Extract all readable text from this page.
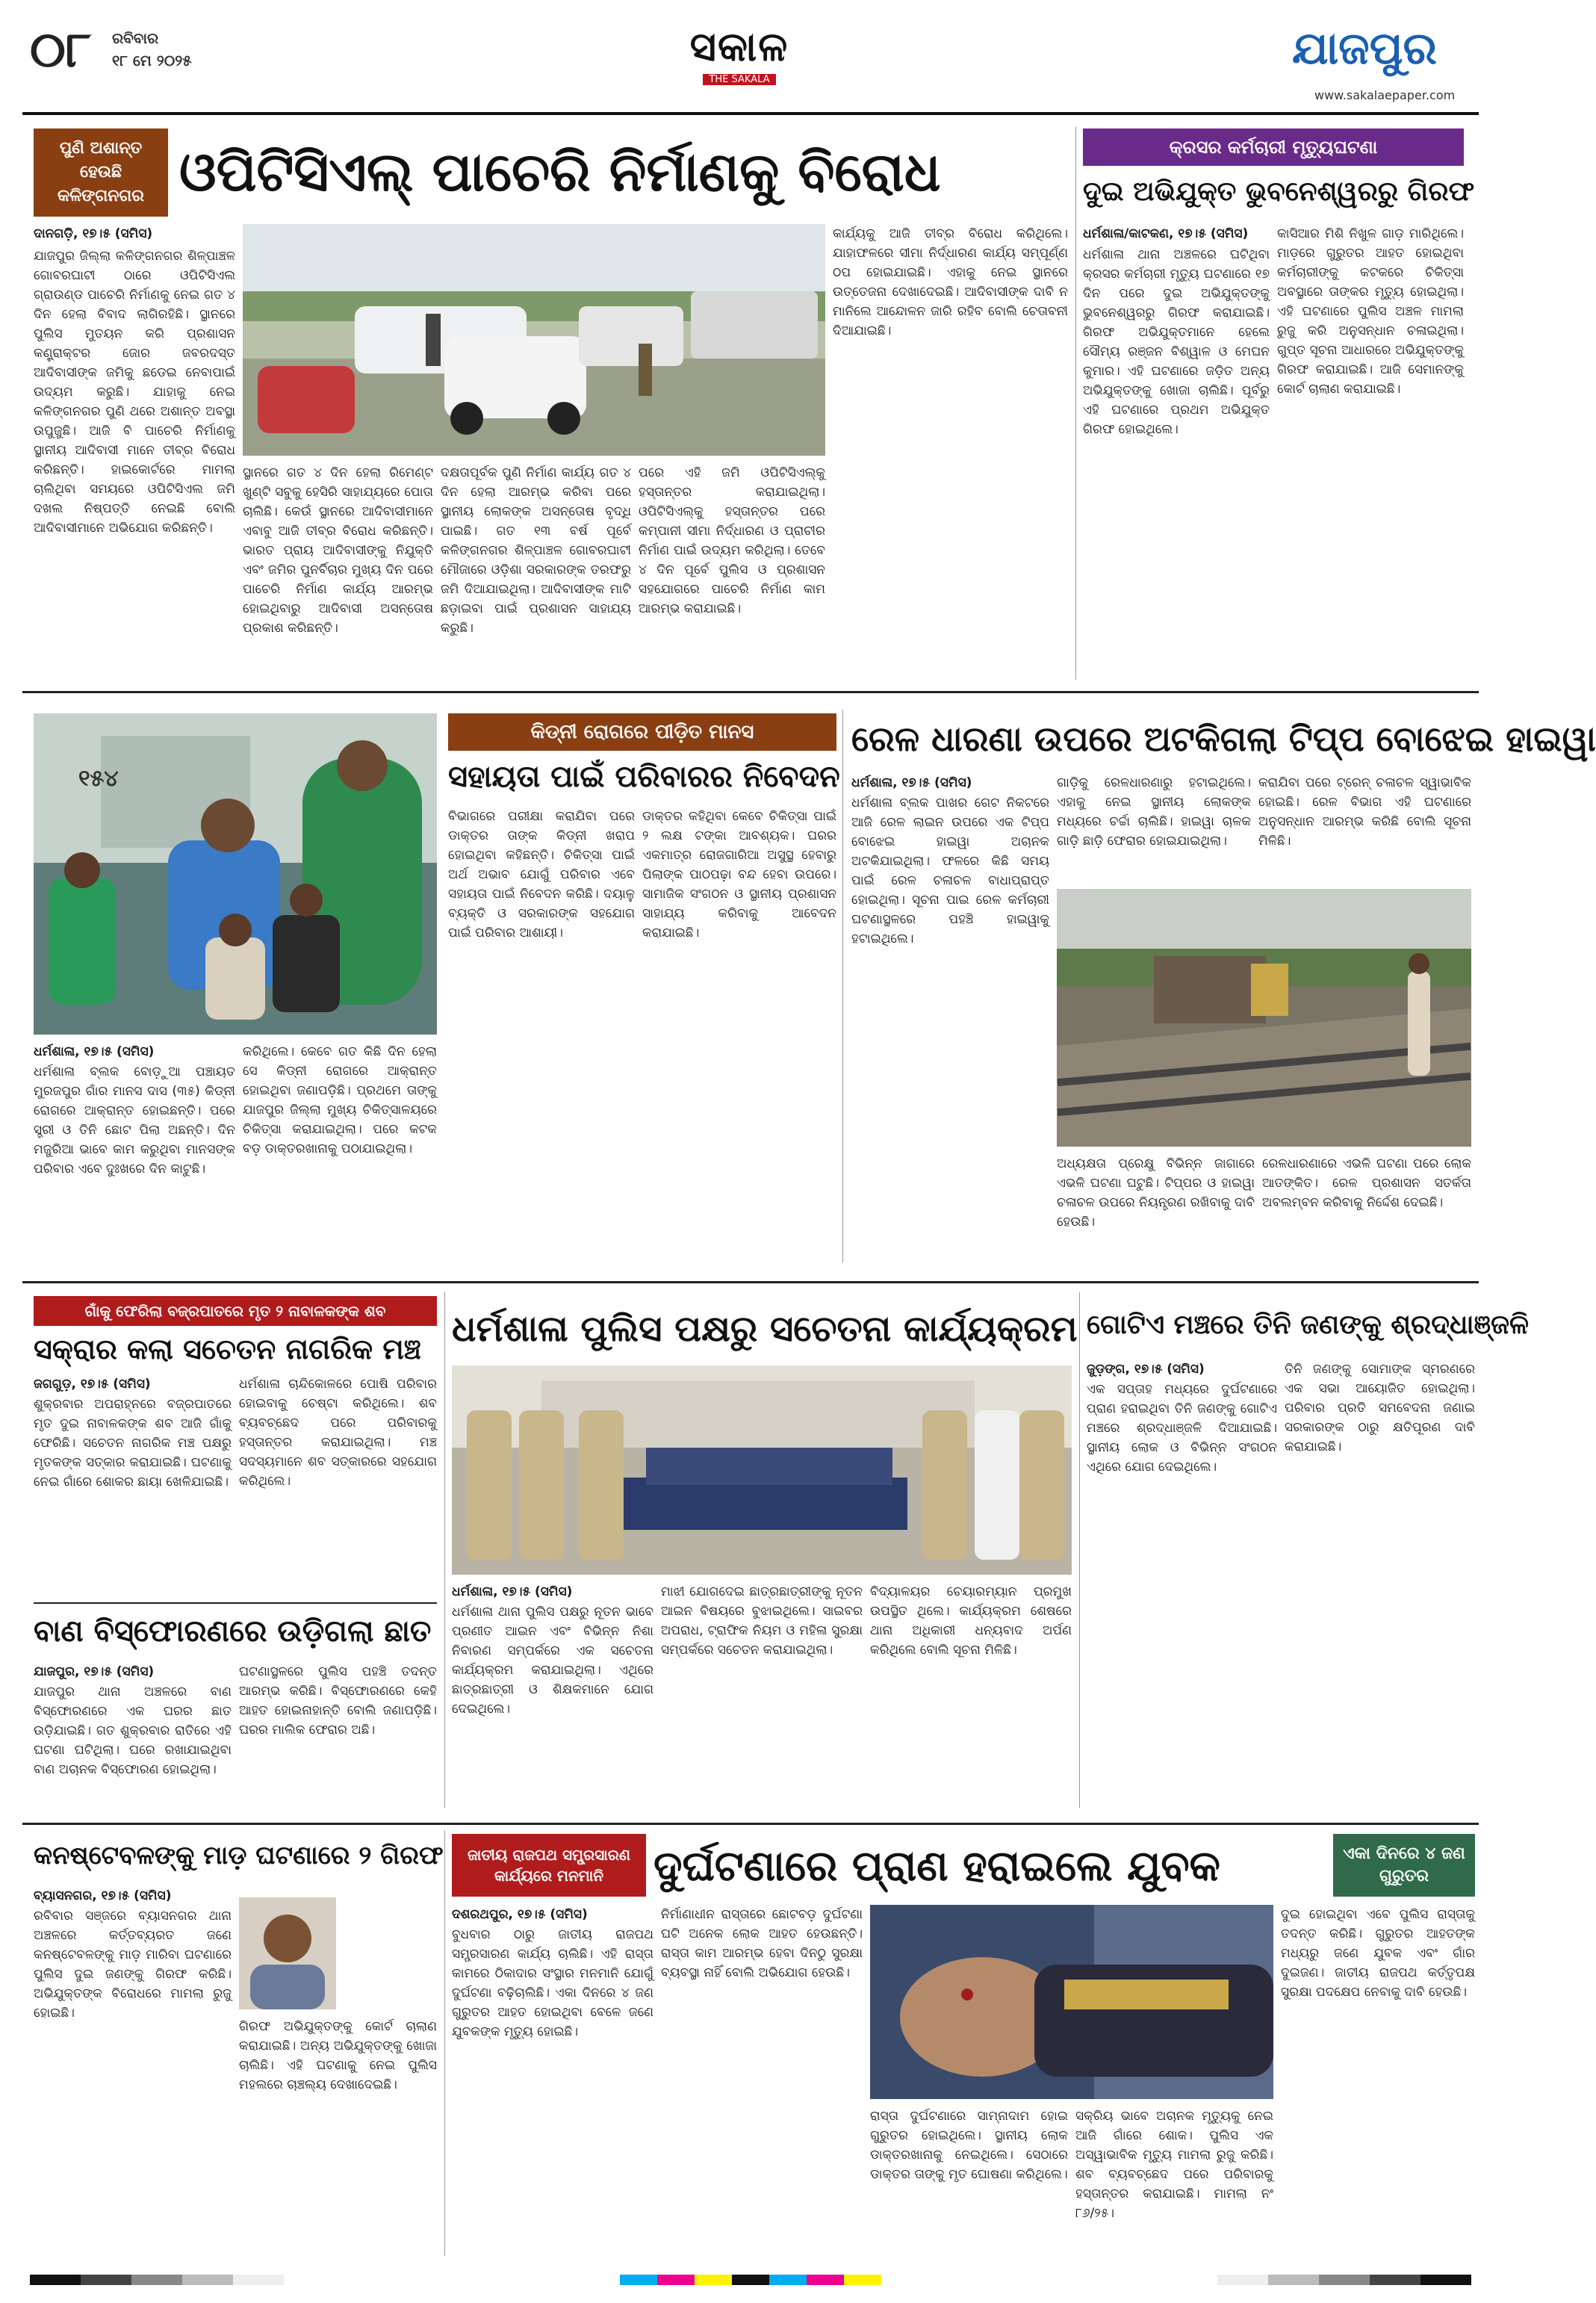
୦୮ ରବିବାର
୧୮ ମେ ୨୦୨୫	ସକାଳ
THE SAKALA
ଯାଜପୁର
www.sakalaepaper.com
ପୁଣି ଅଶାନ୍ତ ହେଉଛି କଳିଙ୍ଗନଗର ଓପିଟିସିଏଲ୍ ପାଚେରି ନିର୍ମାଣକୁ ବିରୋଧ	କ୍ରସର କର୍ମଚାରୀ ମୃତ୍ୟୁଘଟଣା
ଦୁଇ ଅଭିଯୁକ୍ତ ଭୁବନେଶ୍ୱରରୁ ଗିରଫ
ଦାନଗଡ଼ି, ୧୭।୫ (ସମିସ)
ଯାଜପୁର ଜିଲ୍ଲା କଳିଙ୍ଗନଗର ଶିଳ୍ପାଞ୍ଚଳ ଗୋବରଘାଟୀ ଠାରେ ଓପିଟିସିଏଲ ଗ୍ରାଉଣ୍ଡ ପାଚେରି ନିର୍ମାଣକୁ ନେଇ ଗତ ୪ ଦିନ ହେଲା ବିବାଦ ଲାଗିରହିଛି। ସ୍ଥାନରେ ପୁଲିସ ମୁତୟନ କରି ପ୍ରଶାସନ କଣ୍ଟ୍ରାକ୍ଟର ଜୋର ଜବରଦସ୍ତ ଆଦିବାସୀଙ୍କ ଜମିକୁ ଛଡେଇ ନେବାପାଇଁ ଉଦ୍ୟମ କରୁଛି। ଯାହାକୁ ନେଇ କଳିଙ୍ଗନଗର ପୁଣି ଥରେ ଅଶାନ୍ତ ଅବସ୍ଥା ଉପୁଜୁଛି। ଆଜି ବି ପାଚେରି ନିର୍ମାଣକୁ ସ୍ଥାନୀୟ ଆଦିବାସୀ ମାନେ ତୀବ୍ର ବିରୋଧ କରିଛନ୍ତି। ହାଇକୋର୍ଟରେ ମାମଲା ଚାଲିଥିବା ସମୟରେ ଓପିଟିସିଏଲ ଜମି ଦଖଲ ନିଷ୍ପତ୍ତି ନେଇଛି ବୋଲି ଆଦିବାସୀମାନେ ଅଭିଯୋଗ କରିଛନ୍ତି।
ସ୍ଥାନରେ ଗତ ୪ ଦିନ ହେଲା ରିମେଣ୍ଟ ଖୁଣ୍ଟି ସବୁକୁ ହେସିରି ସାହାଯ୍ୟରେ ପୋତା ଚାଲିଛି। କେଉଁ ସ୍ଥାନରେ ଆଦିବାସୀମାନେ ଏବାବୁ ଆଜି ତୀବ୍ର ବିରୋଧ କରିଛନ୍ତି। ଭାରତ ପ୍ରାୟ ଆଦିବାସୀଙ୍କୁ ନିଯୁକ୍ତି ଏବଂ ଜମିର ପୁନର୍ବିଚାର ମୁଖ୍ୟ ଦିନ ପରେ ପାଚେରି ନିର୍ମାଣ କାର୍ଯ୍ୟ ଆରମ୍ଭ ହୋଇଥିବାରୁ ଆଦିବାସୀ ଅସନ୍ତୋଷ ପ୍ରକାଶ କରିଛନ୍ତି।
ଦକ୍ଷତାପୂର୍ବକ ପୁଣି ନିର୍ମାଣ କାର୍ଯ୍ୟ ଗତ ୪ ଦିନ ହେଲା ଆରମ୍ଭ କରିବା ପରେ ସ୍ଥାନୀୟ ଲୋକଙ୍କ ଅସନ୍ତୋଷ ବୃଦ୍ଧି ପାଇଛି। ଗତ ୧୩ ବର୍ଷ ପୂର୍ବେ କଳିଙ୍ଗନଗର ଶିଳ୍ପାଞ୍ଚଳ ଗୋବରଘାଟୀ ମୌଜାରେ ଓଡ଼ିଶା ସରକାରଙ୍କ ତରଫରୁ ଜମି ଦିଆଯାଇଥିଲା। ଆଦିବାସୀଙ୍କ ମାଟି ଛଡ଼ାଇବା ପାଇଁ ପ୍ରଶାସନ ସାହାଯ୍ୟ କରୁଛି।
ପରେ ଏହି ଜମି ଓପିଟିସିଏଲ୍କୁ ହସ୍ତାନ୍ତର କରାଯାଇଥିଲା। ଓପିଟିସିଏଲ୍କୁ ହସ୍ତାନ୍ତର ପରେ କମ୍ପାନୀ ସୀମା ନିର୍ଦ୍ଧାରଣ ଓ ପ୍ରାଚୀର ନିର୍ମାଣ ପାଇଁ ଉଦ୍ୟମ କରିଥିଲା। ତେବେ ୪ ଦିନ ପୂର୍ବେ ପୁଲିସ ଓ ପ୍ରଶାସନ ସହଯୋଗରେ ପାଚେରି ନିର୍ମାଣ କାମ ଆରମ୍ଭ କରାଯାଇଛି।
କାର୍ଯ୍ୟକୁ ଆଜି ତୀବ୍ର ବିରୋଧ କରିଥିଲେ। ଯାହାଫଳରେ ସୀମା ନିର୍ଦ୍ଧାରଣ କାର୍ଯ୍ୟ ସମ୍ପୂର୍ଣ୍ଣ ଠପ ହୋଇଯାଇଛି। ଏହାକୁ ନେଇ ସ୍ଥାନରେ ଉତ୍ତେଜନା ଦେଖାଦେଇଛି। ଆଦିବାସୀଙ୍କ ଦାବି ନ ମାନିଲେ ଆନ୍ଦୋଳନ ଜାରି ରହିବ ବୋଲି ଚେତାବନୀ ଦିଆଯାଇଛି।
ଧର୍ମଶାଳା/କାଟକଣ, ୧୭।୫ (ସମିସ)
ଧର୍ମଶାଳା ଥାନା ଅଞ୍ଚଳରେ ଘଟିଥିବା କ୍ରସର କର୍ମଚାରୀ ମୃତ୍ୟୁ ଘଟଣାରେ ୧୭ ଦିନ ପରେ ଦୁଇ ଅଭିଯୁକ୍ତଙ୍କୁ ଭୁବନେଶ୍ୱରରୁ ଗିରଫ କରାଯାଇଛି। ଗିରଫ ଅଭିଯୁକ୍ତମାନେ ହେଲେ ସୌମ୍ୟ ରଞ୍ଜନ ବିଶ୍ୱାଳ ଓ ମେଘନ କୁମାର। ଏହି ଘଟଣାରେ ଜଡ଼ିତ ଅନ୍ୟ ଅଭିଯୁକ୍ତଙ୍କୁ ଖୋଜା ଚାଲିଛି। ପୂର୍ବରୁ ଏହି ଘଟଣାରେ ପ୍ରଥମ ଅଭିଯୁକ୍ତ ଗିରଫ ହୋଇଥିଲେ।
କାସିଆର ମିଶି ନିଖୁଳ ଗାଡ଼ ମାରିଥିଲେ। ମାଡ଼ରେ ଗୁରୁତର ଆହତ ହୋଇଥିବା କର୍ମଚାରୀଙ୍କୁ କଟକରେ ଚିକିତ୍ସା ଅବସ୍ଥାରେ ତାଙ୍କର ମୃତ୍ୟୁ ହୋଇଥିଲା। ଏହି ଘଟଣାରେ ପୁଲିସ ଅଞ୍ଚଳ ମାମଲା ରୁଜୁ କରି ଅନୁସନ୍ଧାନ ଚଳାଇଥିଲା। ଗୁପ୍ତ ସୂଚନା ଆଧାରରେ ଅଭିଯୁକ୍ତଙ୍କୁ ଗିରଫ କରାଯାଇଛି। ଆଜି ସେମାନଙ୍କୁ କୋର୍ଟ ଚାଲାଣ କରାଯାଇଛି।
୧୫୪
କିଡ୍ନୀ ରୋଗରେ ପୀଡ଼ିତ ମାନସ
ସହାୟତା ପାଇଁ ପରିବାରର ନିବେଦନ
ବିଭାଗରେ ପରୀକ୍ଷା କରାଯିବା ପରେ ଡାକ୍ତର ତାଙ୍କ କିଡ୍ନୀ ଖରାପ ହୋଇଥିବା କହିଛନ୍ତି। ଚିକିତ୍ସା ପାଇଁ ଅର୍ଥ ଅଭାବ ଯୋଗୁଁ ପରିବାର ଏବେ ସହାୟତା ପାଇଁ ନିବେଦନ କରିଛି। ଦୟାଳୁ ବ୍ୟକ୍ତି ଓ ସରକାରଙ୍କ ସହଯୋଗ ପାଇଁ ପରିବାର ଆଶାୟୀ।
ଡାକ୍ତର କହିଥିବା କେବେ ଚିକିତ୍ସା ପାଇଁ ୨ ଲକ୍ଷ ଟଙ୍କା ଆବଶ୍ୟକ। ଘରର ଏକମାତ୍ର ରୋଜଗାରିଆ ଅସୁସ୍ଥ ହେବାରୁ ପିଲାଙ୍କ ପାଠପଢ଼ା ବନ୍ଦ ହେବା ଉପରେ। ସାମାଜିକ ସଂଗଠନ ଓ ସ୍ଥାନୀୟ ପ୍ରଶାସନ ସାହାଯ୍ୟ କରିବାକୁ ଆବେଦନ କରାଯାଇଛି।
ଧର୍ମଶାଳା, ୧୭।୫ (ସମିସ)
ଧର୍ମଶାଳା ବ୍ଲକ ବୋଡ଼ୁଆ ପଞ୍ଚାୟତ ମୁରଜପୁର ଗାଁର ମାନସ ଦାସ (୩୫) କିଡ୍ନୀ ରୋଗରେ ଆକ୍ରାନ୍ତ ହୋଇଛନ୍ତି। ପରେ ସ୍ତ୍ରୀ ଓ ତିନି ଛୋଟ ପିଲା ଅଛନ୍ତି। ଦିନ ମଜୁରିଆ ଭାବେ କାମ କରୁଥିବା ମାନସଙ୍କ ପରିବାର ଏବେ ଦୁଃଖରେ ଦିନ କାଟୁଛି।
କରିଥିଲେ। କେବେ ଗତ କିଛି ଦିନ ହେଲା ସେ କିଡ୍ନୀ ରୋଗରେ ଆକ୍ରାନ୍ତ ହୋଇଥିବା ଜଣାପଡ଼ିଛି। ପ୍ରଥମେ ତାଙ୍କୁ ଯାଜପୁର ଜିଲ୍ଲା ମୁଖ୍ୟ ଚିକିତ୍ସାଳୟରେ ଚିକିତ୍ସା କରାଯାଇଥିଲା। ପରେ କଟକ ବଡ଼ ଡାକ୍ତରଖାନାକୁ ପଠାଯାଇଥିଲା।
ରେଳ ଧାରଣା ଉପରେ ଅଟକିଗଲା ଟିପ୍ପ ବୋଝେଇ ହାଇୱା
ଧର୍ମଶାଳା, ୧୭।୫ (ସମିସ)
ଧର୍ମଶାଳା ବ୍ଲକ ପାଖର ଗେଟ ନିକଟରେ ଆଜି ରେଳ ଲାଇନ ଉପରେ ଏକ ଟିପ୍ପ ବୋଝେଇ ହାଇୱା ଅଚାନକ ଅଟକିଯାଇଥିଲା। ଫଳରେ କିଛି ସମୟ ପାଇଁ ରେଳ ଚଳାଚଳ ବାଧାପ୍ରାପ୍ତ ହୋଇଥିଲା। ସୂଚନା ପାଇ ରେଳ କର୍ମଚାରୀ ଘଟଣାସ୍ଥଳରେ ପହଞ୍ଚି ହାଇୱାକୁ ହଟାଇଥିଲେ।
ଗାଡ଼ିକୁ ରେଳଧାରଣାରୁ ହଟାଇଥିଲେ। ଏହାକୁ ନେଇ ସ୍ଥାନୀୟ ଲୋକଙ୍କ ମଧ୍ୟରେ ଚର୍ଚ୍ଚା ଚାଲିଛି। ହାଇୱା ଚାଳକ ଗାଡ଼ି ଛାଡ଼ି ଫେରାର ହୋଇଯାଇଥିଲା।
କରାଯିବା ପରେ ଟ୍ରେନ୍ ଚଳାଚଳ ସ୍ୱାଭାବିକ ହୋଇଛି। ରେଳ ବିଭାଗ ଏହି ଘଟଣାରେ ଅନୁସନ୍ଧାନ ଆରମ୍ଭ କରିଛି ବୋଲି ସୂଚନା ମିଳିଛି।
ଅଧ୍ୟକ୍ଷତା ପ୍ରେକ୍ଷୁ ବିଭିନ୍ନ ଜାଗାରେ ଏଭଳି ଘଟଣା ଘଟୁଛି। ଟିପ୍ପର ଓ ହାଇୱା ଚଳାଚଳ ଉପରେ ନିୟନ୍ତ୍ରଣ ରଖିବାକୁ ଦାବି ହେଉଛି।
ରେଳଧାରଣାରେ ଏଭଳି ଘଟଣା ପରେ ଲୋକ ଆତଙ୍କିତ। ରେଳ ପ୍ରଶାସନ ସତର୍କତା ଅବଲମ୍ବନ କରିବାକୁ ନିର୍ଦ୍ଦେଶ ଦେଇଛି।
ଗାଁକୁ ଫେରିଲା ବଜ୍ରପାତରେ ମୃତ ୨ ନାବାଳକଙ୍କ ଶବ
ସକ୍ରାର କଲା ସଚେତନ ନାଗରିକ ମଞ୍ଚ
ଜଗଗୁଡ଼, ୧୭।୫ (ସମିସ)
ଶୁକ୍ରବାର ଅପରାହ୍ନରେ ବଜ୍ରପାତରେ ମୃତ ଦୁଇ ନାବାଳକଙ୍କ ଶବ ଆଜି ଗାଁକୁ ଫେରିଛି। ସଚେତନ ନାଗରିକ ମଞ୍ଚ ପକ୍ଷରୁ ମୃତକଙ୍କ ସତ୍କାର କରାଯାଇଛି। ଘଟଣାକୁ ନେଇ ଗାଁରେ ଶୋକର ଛାୟା ଖେଳିଯାଇଛି।
ଧର୍ମଶାଳା ଚାନ୍ଦିକୋଳରେ ପୋଷି ପରିବାର ହୋଇବାକୁ ଚେଷ୍ଟା କରିଥିଲେ। ଶବ ବ୍ୟବଚ୍ଛେଦ ପରେ ପରିବାରକୁ ହସ୍ତାନ୍ତର କରାଯାଇଥିଲା। ମଞ୍ଚ ସଦସ୍ୟମାନେ ଶବ ସତ୍କାରରେ ସହଯୋଗ କରିଥିଲେ।
ବାଣ ବିସ୍ଫୋରଣରେ ଉଡ଼ିଗଲା ଛାତ
ଯାଜପୁର, ୧୭।୫ (ସମିସ)
ଯାଜପୁର ଥାନା ଅଞ୍ଚଳରେ ବାଣ ବିସ୍ଫୋରଣରେ ଏକ ଘରର ଛାତ ଉଡ଼ିଯାଇଛି। ଗତ ଶୁକ୍ରବାର ରାତିରେ ଏହି ଘଟଣା ଘଟିଥିଲା। ଘରେ ରଖାଯାଇଥିବା ବାଣ ଅଚାନକ ବିସ୍ଫୋରଣ ହୋଇଥିଲା।
ଘଟଣାସ୍ଥଳରେ ପୁଲିସ ପହଞ୍ଚି ତଦନ୍ତ ଆରମ୍ଭ କରିଛି। ବିସ୍ଫୋରଣରେ କେହି ଆହତ ହୋଇନାହାନ୍ତି ବୋଲି ଜଣାପଡ଼ିଛି। ଘରର ମାଲିକ ଫେରାର ଅଛି।
ଧର୍ମଶାଳା ପୁଲିସ ପକ୍ଷରୁ ସଚେତନା କାର୍ଯ୍ୟକ୍ରମ
ଧର୍ମଶାଳା, ୧୭।୫ (ସମିସ)
ଧର୍ମଶାଳା ଥାନା ପୁଲିସ ପକ୍ଷରୁ ନୂତନ ଭାବେ ପ୍ରଣୀତ ଆଇନ ଏବଂ ବିଭିନ୍ନ ନିଶା ନିବାରଣ ସମ୍ପର୍କରେ ଏକ ସଚେତନା କାର୍ଯ୍ୟକ୍ରମ କରାଯାଇଥିଲା। ଏଥିରେ ଛାତ୍ରଛାତ୍ରୀ ଓ ଶିକ୍ଷକମାନେ ଯୋଗ ଦେଇଥିଲେ।
ମାଝୀ ଯୋଗଦେଇ ଛାତ୍ରଛାତ୍ରୀଙ୍କୁ ନୂତନ ଆଇନ ବିଷୟରେ ବୁଝାଇଥିଲେ। ସାଇବର ଅପରାଧ, ଟ୍ରାଫିକ ନିୟମ ଓ ମହିଳା ସୁରକ୍ଷା ସମ୍ପର୍କରେ ସଚେତନ କରାଯାଇଥିଲା।
ବିଦ୍ୟାଳୟର ଚେୟାରମ୍ୟାନ ପ୍ରମୁଖ ଉପସ୍ଥିତ ଥିଲେ। କାର୍ଯ୍ୟକ୍ରମ ଶେଷରେ ଥାନା ଅଧିକାରୀ ଧନ୍ୟବାଦ ଅର୍ପଣ କରିଥିଲେ ବୋଲି ସୂଚନା ମିଳିଛି।
ଗୋଟିଏ ମଞ୍ଚରେ ତିନି ଜଣଙ୍କୁ ଶ୍ରଦ୍ଧାଞ୍ଜଳି
ଜୁଡ଼ଙ୍ଗ, ୧୭।୫ (ସମିସ)
ଏକ ସପ୍ତାହ ମଧ୍ୟରେ ଦୁର୍ଘଟଣାରେ ପ୍ରାଣ ହରାଇଥିବା ତିନି ଜଣଙ୍କୁ ଗୋଟିଏ ମଞ୍ଚରେ ଶ୍ରଦ୍ଧାଞ୍ଜଳି ଦିଆଯାଇଛି। ସ୍ଥାନୀୟ ଲୋକ ଓ ବିଭିନ୍ନ ସଂଗଠନ ଏଥିରେ ଯୋଗ ଦେଇଥିଲେ।
ତିନି ଜଣଙ୍କୁ ସୋମାଙ୍କ ସ୍ମରଣରେ ଏକ ସଭା ଆୟୋଜିତ ହୋଇଥିଲା। ପରିବାର ପ୍ରତି ସମବେଦନା ଜଣାଇ ସରକାରଙ୍କ ଠାରୁ କ୍ଷତିପୂରଣ ଦାବି କରାଯାଇଛି।
କନଷ୍ଟେବଳଙ୍କୁ ମାଡ଼ ଘଟଣାରେ ୨ ଗିରଫ
ବ୍ୟାସନଗର, ୧୭।୫ (ସମିସ)
ରବିବାର ସଞ୍ଜରେ ବ୍ୟାସନଗର ଥାନା ଅଞ୍ଚଳରେ କର୍ତ୍ତବ୍ୟରତ ଜଣେ କନଷ୍ଟେବଳଙ୍କୁ ମାଡ଼ ମାରିବା ଘଟଣାରେ ପୁଲିସ ଦୁଇ ଜଣଙ୍କୁ ଗିରଫ କରିଛି। ଅଭିଯୁକ୍ତଙ୍କ ବିରୋଧରେ ମାମଲା ରୁଜୁ ହୋଇଛି।
ଗିରଫ ଅଭିଯୁକ୍ତଙ୍କୁ କୋର୍ଟ ଚାଲାଣ କରାଯାଇଛି। ଅନ୍ୟ ଅଭିଯୁକ୍ତଙ୍କୁ ଖୋଜା ଚାଲିଛି। ଏହି ଘଟଣାକୁ ନେଇ ପୁଲିସ ମହଲରେ ଚାଞ୍ଚଲ୍ୟ ଦେଖାଦେଇଛି।
ଜାତୀୟ ରାଜପଥ ସମ୍ପ୍ରସାରଣ କାର୍ଯ୍ୟରେ ମନମାନି	ଦୁର୍ଘଟଣାରେ ପ୍ରାଣ ହରାଇଲେ ଯୁବକ	ଏକା ଦିନରେ ୪ ଜଣ ଗୁରୁତର
ଦଶରଥପୁର, ୧୭।୫ (ସମିସ)
ବୁଧବାର ଠାରୁ ଜାତୀୟ ରାଜପଥ ସମ୍ପ୍ରସାରଣ କାର୍ଯ୍ୟ ଚାଲିଛି। ଏହି ରାସ୍ତା କାମରେ ଠିକାଦାର ସଂସ୍ଥାର ମନମାନି ଯୋଗୁଁ ଦୁର୍ଘଟଣା ବଢ଼ିଚାଲିଛି। ଏକା ଦିନରେ ୪ ଜଣ ଗୁରୁତର ଆହତ ହୋଇଥିବା ବେଳେ ଜଣେ ଯୁବକଙ୍କ ମୃତ୍ୟୁ ହୋଇଛି।
ନିର୍ମାଣାଧୀନ ରାସ୍ତାରେ ଛୋଟବଡ଼ ଦୁର୍ଘଟଣା ଘଟି ଅନେକ ଲୋକ ଆହତ ହେଉଛନ୍ତି। ରାସ୍ତା କାମ ଆରମ୍ଭ ହେବା ଦିନଠୁ ସୁରକ୍ଷା ବ୍ୟବସ୍ଥା ନାହିଁ ବୋଲି ଅଭିଯୋଗ ହେଉଛି।
ରାସ୍ତା ଦୁର୍ଘଟଣାରେ ସାମ୍ନାଦାମ ହୋଇ ଗୁରୁତର ହୋଇଥିଲେ। ସ୍ଥାନୀୟ ଲୋକ ଡାକ୍ତରଖାନାକୁ ନେଇଥିଲେ। ସେଠାରେ ଡାକ୍ତର ତାଙ୍କୁ ମୃତ ଘୋଷଣା କରିଥିଲେ।
ସକ୍ରିୟ ଭାବେ ଅଚାନକ ମୃତ୍ୟୁକୁ ନେଇ ଆଜି ଗାଁରେ ଶୋକ। ପୁଲିସ ଏକ ଅସ୍ୱାଭାବିକ ମୃତ୍ୟୁ ମାମଲା ରୁଜୁ କରିଛି। ଶବ ବ୍ୟବଚ୍ଛେଦ ପରେ ପରିବାରକୁ ହସ୍ତାନ୍ତର କରାଯାଇଛି। ମାମଲା ନଂ ୮୬/୨୫।
ଦୁଇ ହୋଇଥିବା ଏବେ ପୁଲିସ ରାସ୍ତାକୁ ତଦନ୍ତ କରିଛି। ଗୁରୁତର ଆହତଙ୍କ ମଧ୍ୟରୁ ଜଣେ ଯୁବକ ଏବଂ ଗାଁର ଦୁଇଜଣ। ଜାତୀୟ ରାଜପଥ କର୍ତ୍ତୃପକ୍ଷ ସୁରକ୍ଷା ପଦକ୍ଷେପ ନେବାକୁ ଦାବି ହେଉଛି।
